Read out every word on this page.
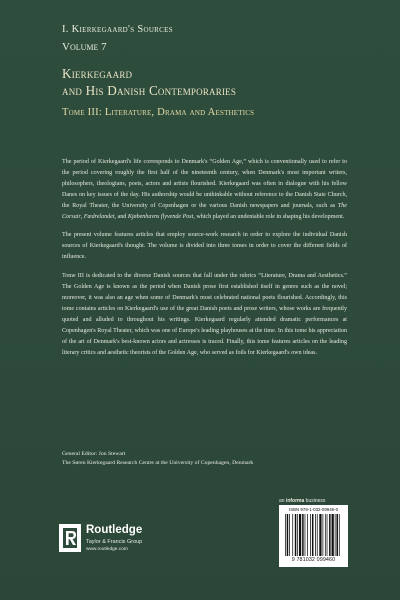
I. Kierkegaard's Sources
Volume 7
Kierkegaard
and His Danish Contemporaries
Tome III: Literature, Drama and Aesthetics

The period of Kierkegaard's life corresponds to Denmark's “Golden Age,” which is conventionally used to refer to the period covering roughly the first half of the nineteenth century, when Denmark's most important writers, philosophers, theologians, poets, actors and artists flourished. Kierkegaard was often in dialogue with his fellow Danes on key issues of the day. His authorship would be unthinkable without reference to the Danish State Church, the Royal Theater, the University of Copenhagen or the various Danish newspapers and journals, such as The Corsair, Fædrelandet, and Kjøbenhavns flyvende Post, which played an undeniable role in shaping his development.

The present volume features articles that employ source-work research in order to explore the individual Danish sources of Kierkegaard's thought. The volume is divided into three tomes in order to cover the different fields of influence.

Tome III is dedicated to the diverse Danish sources that fall under the rubrics “Literature, Drama and Aesthetics.” The Golden Age is known as the period when Danish prose first established itself in genres such as the novel; moreover, it was also an age when some of Denmark's most celebrated national poets flourished. Accordingly, this tome contains articles on Kierkegaard's use of the great Danish poets and prose writers, whose works are frequently quoted and alluded to throughout his writings. Kierkegaard regularly attended dramatic performances at Copenhagen's Royal Theater, which was one of Europe's leading playhouses at the time. In this tome his appreciation of the art of Denmark's best-known actors and actresses is traced. Finally, this tome features articles on the leading literary critics and aesthetic theorists of the Golden Age, who served as foils for Kierkegaard's own ideas.

General Editor: Jon Stewart
The Søren Kierkegaard Research Centre at the University of Copenhagen, Denmark
Routledge
Taylor & Francis Group
www.routledge.com
an informa business
ISBN 978-1-032-09946-0
9 781032 099460
